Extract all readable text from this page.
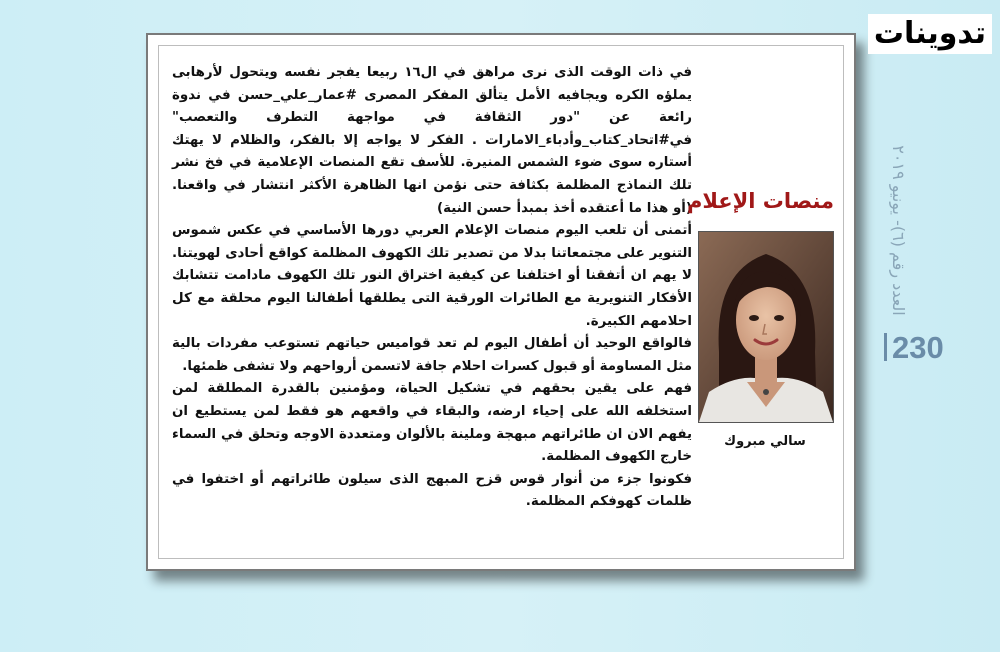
تدوينات

في ذات الوقت الذى نرى مراهق في ال١٦ ربيعا يفجر نفسه ويتحول لأرهابى يملؤه الكره ويجافيه الأمل يتألق المفكر المصرى #عمار_علي_حسن في ندوة رائعة عن "دور الثقافة في مواجهة التطرف والتعصب" في#اتحاد_كتاب_وأدباء_الامارات . الفكر لا يواجه إلا بالفكر، والظلام لا يهتك أستاره سوى ضوء الشمس المنيرة. للأسف تقع المنصات الإعلامية في فخ نشر تلك النماذج المظلمة بكثافة حتى نؤمن انها الظاهرة الأكثر انتشار في واقعنا. (أو هذا ما أعتقده أخذ بمبدأ حسن النية)

أتمنى أن تلعب اليوم منصات الإعلام العربي دورها الأساسي في عكس شموس التنوير على مجتمعاتنا بدلا من تصدير تلك الكهوف المظلمة كواقع أحادى لهويتنا. لا يهم ان أتفقنا أو اختلفنا عن كيفية اختراق النور تلك الكهوف مادامت تتشابك الأفكار التنويرية مع الطائرات الورقية التى يطلقها أطفالنا اليوم محلقة مع كل احلامهم الكبيرة.

فالواقع الوحيد أن أطفال اليوم لم تعد قواميس حياتهم تستوعب مفردات بالية مثل المساومة أو قبول كسرات احلام جافة لاتسمن أرواحهم ولا تشفى ظمئها.

فهم على يقين بحقهم في تشكيل الحياة، ومؤمنين بالقدرة المطلقة لمن استخلفه الله على إحياء ارضه، والبقاء في واقعهم هو فقط لمن يستطيع ان يفهم الان ان طائراتهم مبهجة وملينة بالألوان ومتعددة الاوجه وتحلق في السماء خارج الكهوف المظلمة.

فكونوا جزء من أنوار قوس قزح المبهج الذى سيلون طائراتهم أو اختفوا في ظلمات كهوفكم المظلمة.

منصات الإعلام
سالي مبروك
العدد رقم (٦)- يونيو ٢٠١٩
230
